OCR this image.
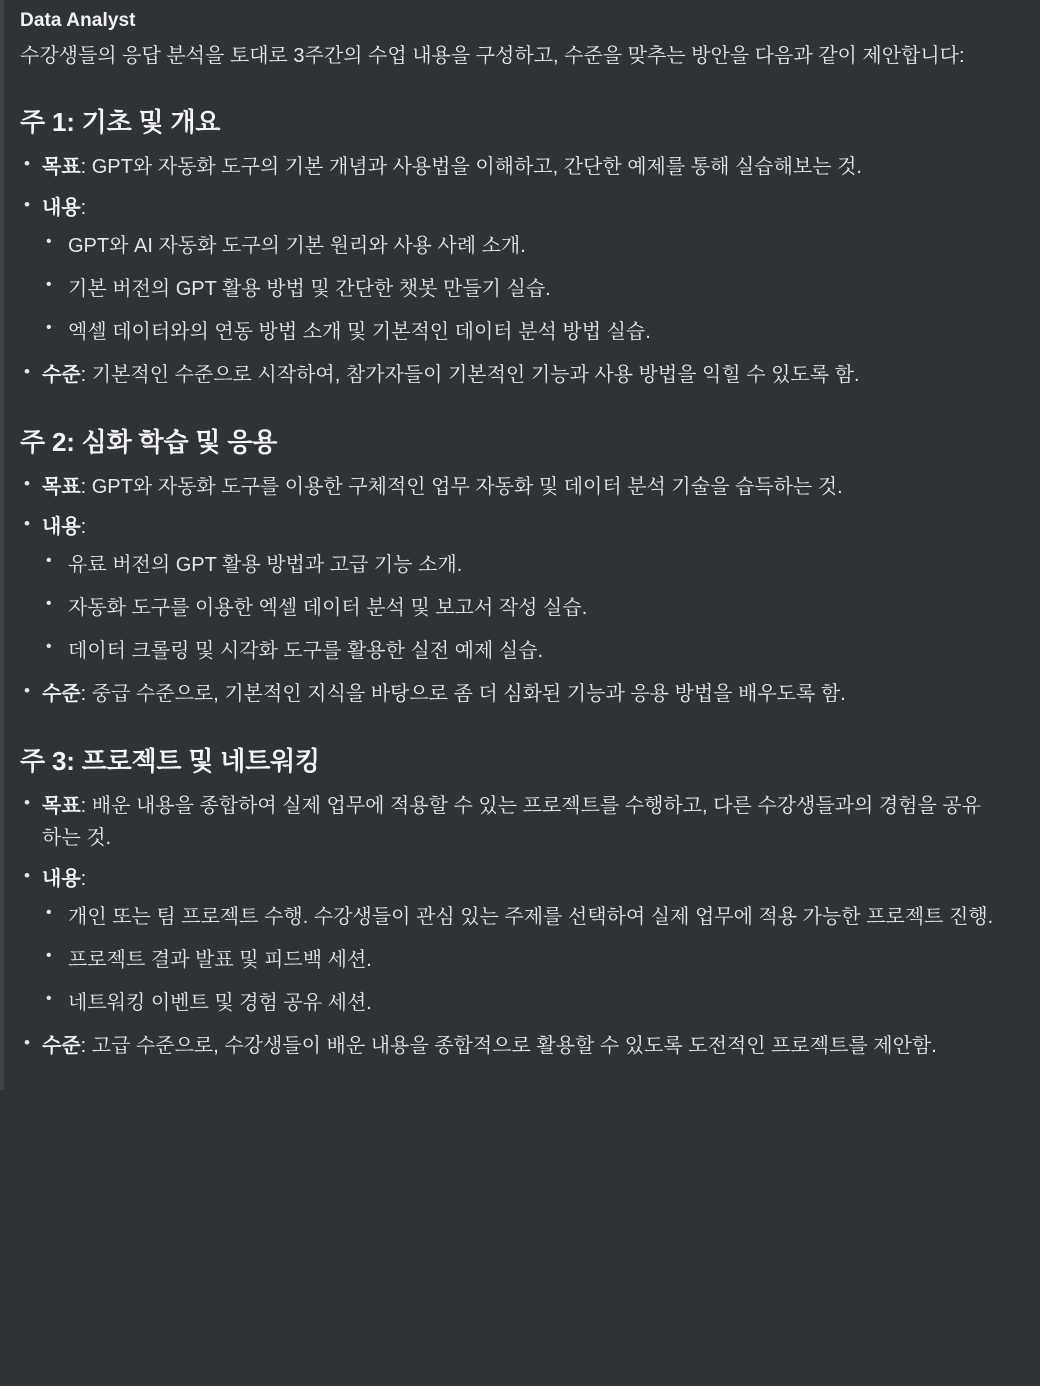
Data Analyst

수강생들의 응답 분석을 토대로 3주간의 수업 내용을 구성하고, 수준을 맞추는 방안을 다음과 같이 제안합니다:

주 1: 기초 및 개요
• 목표: GPT와 자동화 도구의 기본 개념과 사용법을 이해하고, 간단한 예제를 통해 실습해보는 것.
• 내용:
• GPT와 AI 자동화 도구의 기본 원리와 사용 사례 소개.
• 기본 버전의 GPT 활용 방법 및 간단한 챗봇 만들기 실습.
• 엑셀 데이터와의 연동 방법 소개 및 기본적인 데이터 분석 방법 실습.
• 수준: 기본적인 수준으로 시작하여, 참가자들이 기본적인 기능과 사용 방법을 익힐 수 있도록 함.
주 2: 심화 학습 및 응용
• 목표: GPT와 자동화 도구를 이용한 구체적인 업무 자동화 및 데이터 분석 기술을 습득하는 것.
• 내용:
• 유료 버전의 GPT 활용 방법과 고급 기능 소개.
• 자동화 도구를 이용한 엑셀 데이터 분석 및 보고서 작성 실습.
• 데이터 크롤링 및 시각화 도구를 활용한 실전 예제 실습.
• 수준: 중급 수준으로, 기본적인 지식을 바탕으로 좀 더 심화된 기능과 응용 방법을 배우도록 함.
주 3: 프로젝트 및 네트워킹
• 목표: 배운 내용을 종합하여 실제 업무에 적용할 수 있는 프로젝트를 수행하고, 다른 수강생들과의 경험을 공유하는 것.
• 내용:
• 개인 또는 팀 프로젝트 수행. 수강생들이 관심 있는 주제를 선택하여 실제 업무에 적용 가능한 프로젝트 진행.
• 프로젝트 결과 발표 및 피드백 세션.
• 네트워킹 이벤트 및 경험 공유 세션.
• 수준: 고급 수준으로, 수강생들이 배운 내용을 종합적으로 활용할 수 있도록 도전적인 프로젝트를 제안함.
